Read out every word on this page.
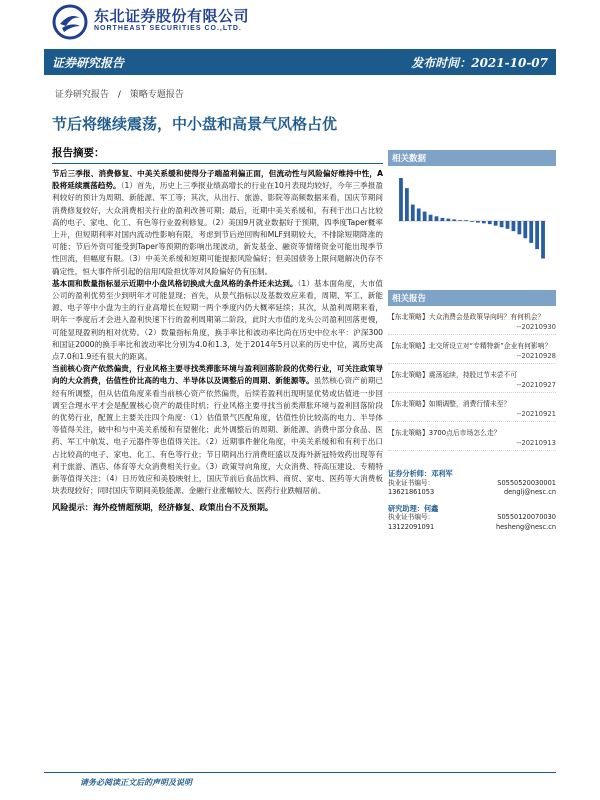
东北证券股份有限公司
NORTHEAST SECURITIES CO.,LTD.
证券研究报告	发布时间：2021-10-07
证券研究报告 / 策略专题报告
节后将继续震荡，中小盘和高景气风格占优
报告摘要：

节后三季报、消费修复、中美关系缓和使得分子端盈利偏正面，但流动性与风险偏好维持中性，A股将延续震荡趋势。（1）首先，历史上三季报业绩高增长的行业在10月表现均较好，今年三季报盈利较好的预计为周期、新能源、军工等；其次，从出行、旅游、影院等高频数据来看，国庆节期间消费修复较好，大众消费相关行业的盈利改善可期；最后，近期中美关系缓和，有利于出口占比较高的电子、家电、化工、有色等行业盈利修复。（2）美国9月就业数据好于预期，四季度Taper概率上升，但短期利率对国内流动性影响有限，考虑到节后逆回购和MLF到期较大，不排除短期降准的可能；节后外资可能受到Taper等预期的影响出现波动，新发基金、融资等情绪资金可能出现季节性回流，但幅度有限。（3）中美关系缓和短期可能提振风险偏好；但美国债务上限问题解决仍存不确定性，恒大事件所引起的信用风险担忧等对风险偏好仍有压制。

基本面和数量指标显示近期中小盘风格切换成大盘风格的条件还未达到。（1）基本面角度，大市值公司的盈利优势至少到明年才可能显现；首先，从景气指标以及基数效应来看，周期、军工、新能源、电子等中小盘为主的行业高增长在短期一两个季度内仍大概率延续；其次，从盈利周期来看，明年一季度后才会进入盈利快速下行的盈利周期第二阶段，此时大市值的龙头公司盈利回落更慢，可能显现盈利的相对优势。（2）数量指标角度，换手率比和波动率比尚在历史中位水平：沪深300和国证2000的换手率比和波动率比分别为4.0和1.3，处于2014年5月以来的历史中位，离历史高点7.0和1.9还有很大的距离。

当前核心资产依然偏贵，行业风格主要寻找类滞胀环境与盈利回落阶段的优势行业，可关注政策导向的大众消费，估值性价比高的电力、半导体以及调整后的周期、新能源等。虽然核心资产前期已经有所调整，但从估值角度来看当前核心资产依然偏贵，后续若盈利出现明显优势或估值进一步回调至合理水平才会是配置核心资产的最佳时机；行业风格主要寻找当前类滞胀环境与盈利回落阶段的优势行业，配置上主要关注四个角度：（1）估值景气匹配角度，估值性价比较高的电力、半导体等值得关注，破中和与中美关系缓和有望催化；此外调整后的周期、新能源、消费中部分食品、医药、军工中航发、电子元器件等也值得关注。（2）近期事件催化角度，中美关系缓和和有利于出口占比较高的电子、家电、化工、有色等行业；节日期间出行消费旺盛以及海外新冠特效药出现等有利于旅游、酒店、体育等大众消费相关行业。（3）政策导向角度，大众消费、特高压建设、专精特新等值得关注；（4）日历效应和美股映射上，国庆节前后食品饮料、商贸、家电、医药等大消费板块表现较好；同时国庆节期间美股能源、金融行业涨幅较大、医药行业跌幅居前。

风险提示：海外疫情超预期，经济修复、政策出台不及预期。
相关数据
相关报告
【东北策略】大众消费会是政策导向吗？有何机会？
--20210930
【东北策略】北交所设立对“专精特新”企业有何影响？
--20210928
【东北策略】震荡延续，持股过节未尝不可
--20210927
【东北策略】如期调整，消费行情未至？
--20210921
【东北策略】3700点后市场怎么走？
--20210913
证券分析师：邓利军
执业证书编号：	S0550520030001
13621861053	denglj@nesc.cn
研究助理：何鑫
执业证书编号：	S0550120070030
13122091091	hesheng@nesc.cn
请务必阅读正文后的声明及说明
